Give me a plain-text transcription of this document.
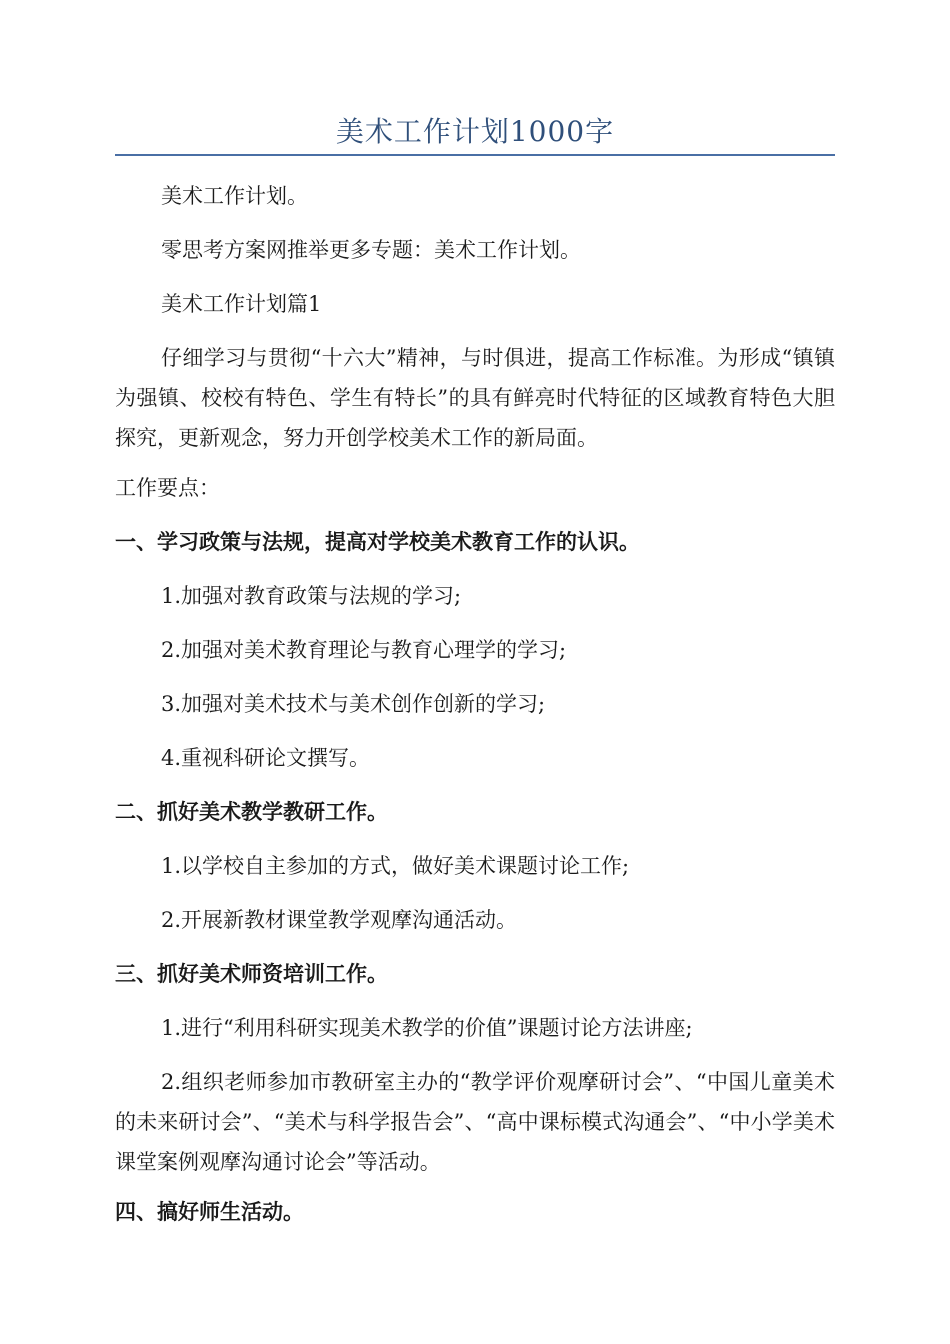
美术工作计划1000字

美术工作计划。

零思考方案网推举更多专题：美术工作计划。

美术工作计划篇1

仔细学习与贯彻“十六大”精神，与时俱进，提高工作标准。为形成“镇镇为强镇、校校有特色、学生有特长”的具有鲜亮时代特征的区域教育特色大胆探究，更新观念，努力开创学校美术工作的新局面。

工作要点：

一、学习政策与法规，提高对学校美术教育工作的认识。

1.加强对教育政策与法规的学习;

2.加强对美术教育理论与教育心理学的学习;

3.加强对美术技术与美术创作创新的学习;

4.重视科研论文撰写。

二、抓好美术教学教研工作。

1.以学校自主参加的方式，做好美术课题讨论工作;

2.开展新教材课堂教学观摩沟通活动。

三、抓好美术师资培训工作。

1.进行“利用科研实现美术教学的价值”课题讨论方法讲座;

2.组织老师参加市教研室主办的“教学评价观摩研讨会”、“中国儿童美术的未来研讨会”、“美术与科学报告会”、“高中课标模式沟通会”、“中小学美术课堂案例观摩沟通讨论会”等活动。

四、搞好师生活动。
